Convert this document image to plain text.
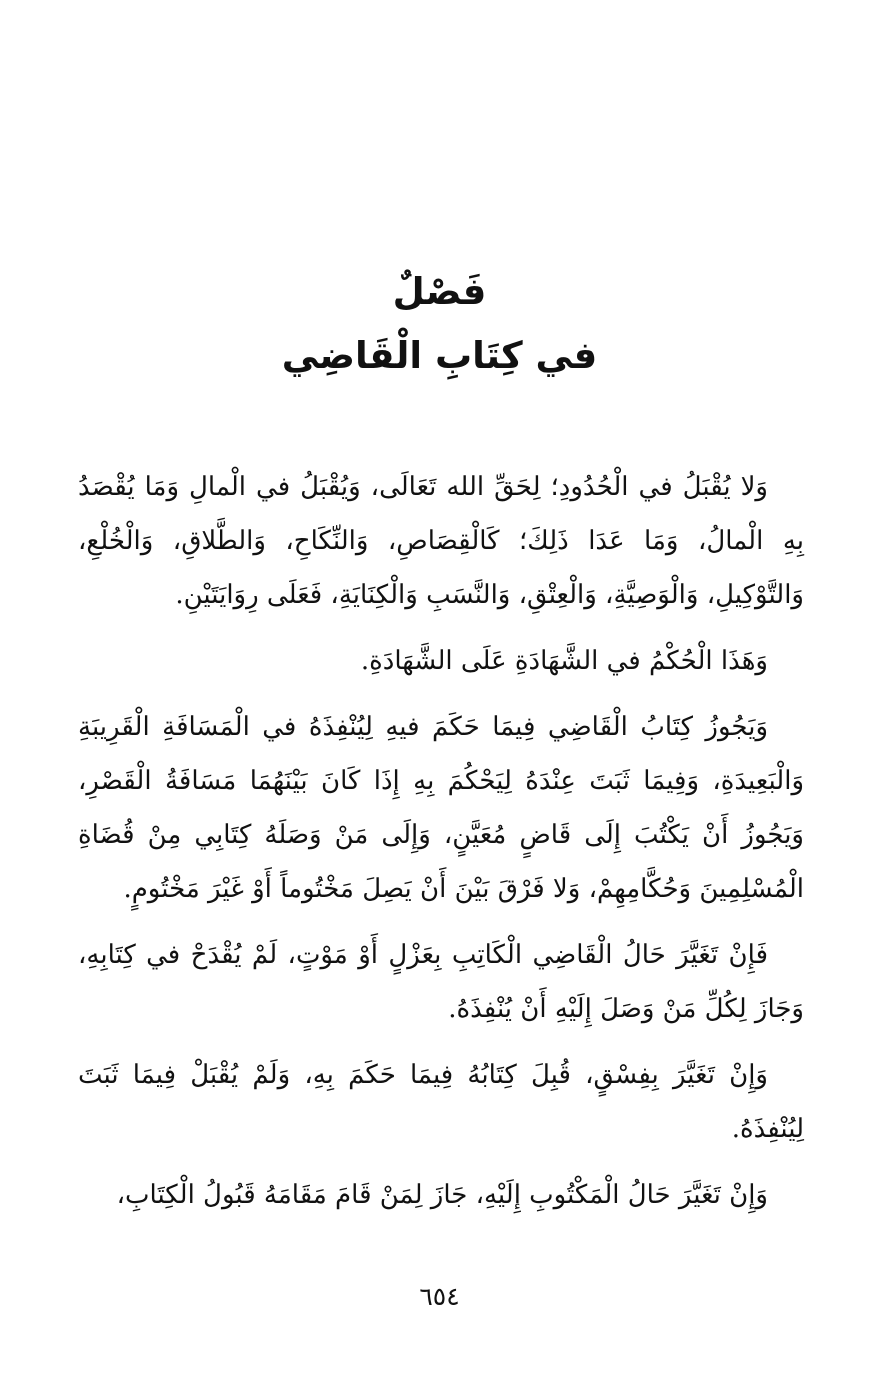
فَصْلٌ
في كِتَابِ الْقَاضِي

وَلا يُقْبَلُ في الْحُدُودِ؛ لِحَقِّ الله تَعَالَى، وَيُقْبَلُ في الْمالِ وَمَا يُقْصَدُ بِهِ الْمالُ، وَمَا عَدَا ذَلِكَ؛ كَالْقِصَاصِ، وَالنِّكَاحِ، وَالطَّلاقِ، وَالْخُلْعِ، وَالتَّوْكِيلِ، وَالْوَصِيَّةِ، وَالْعِتْقِ، وَالنَّسَبِ وَالْكِنَايَةِ، فَعَلَى رِوَايَتَيْنِ.

وَهَذَا الْحُكْمُ في الشَّهَادَةِ عَلَى الشَّهَادَةِ.

وَيَجُوزُ كِتَابُ الْقَاضِي فِيمَا حَكَمَ فيهِ لِيُنْفِذَهُ في الْمَسَافَةِ الْقَرِيبَةِ وَالْبَعِيدَةِ، وَفِيمَا ثَبَتَ عِنْدَهُ لِيَحْكُمَ بِهِ إِذَا كَانَ بَيْنَهُمَا مَسَافَةُ الْقَصْرِ، وَيَجُوزُ أَنْ يَكْتُبَ إِلَى قَاضٍ مُعَيَّنٍ، وَإِلَى مَنْ وَصَلَهُ كِتَابِي مِنْ قُضَاةِ الْمُسْلِمِينَ وَحُكَّامِهِمْ، وَلا فَرْقَ بَيْنَ أَنْ يَصِلَ مَخْتُوماً أَوْ غَيْرَ مَخْتُومٍ.

فَإِنْ تَغَيَّرَ حَالُ الْقَاضِي الْكَاتِبِ بِعَزْلٍ أَوْ مَوْتٍ، لَمْ يُقْدَحْ في كِتَابِهِ، وَجَازَ لِكُلِّ مَنْ وَصَلَ إِلَيْهِ أَنْ يُنْفِذَهُ.

وَإِنْ تَغَيَّرَ بِفِسْقٍ، قُبِلَ كِتَابُهُ فِيمَا حَكَمَ بِهِ، وَلَمْ يُقْبَلْ فِيمَا ثَبَتَ لِيُنْفِذَهُ.

وَإِنْ تَغَيَّرَ حَالُ الْمَكْتُوبِ إِلَيْهِ، جَازَ لِمَنْ قَامَ مَقَامَهُ قَبُولُ الْكِتَابِ،

٦٥٤
